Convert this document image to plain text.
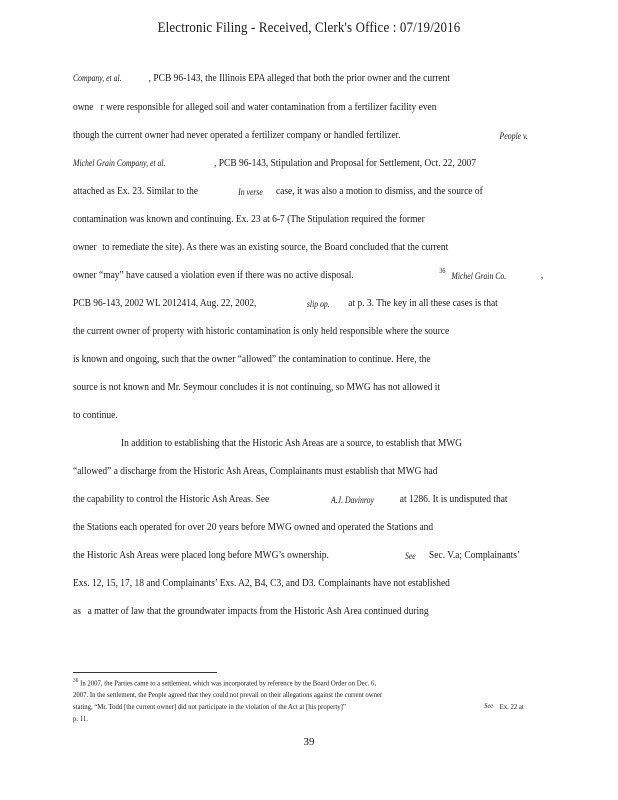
Electronic Filing - Received, Clerk's Office : 07/19/2016
Company, et al. , PCB 96-143, the Illinois EPA alleged that both the prior owner and the current
owne r were responsible for alleged soil and water contamination from a fertilizer facility even
though the current owner had never operated a fertilizer company or handled fertilizer.	People v.
Michel Grain Company, et al.	, PCB 96-143, Stipulation and Proposal for Settlement, Oct. 22, 2007
attached as Ex. 23. Similar to the	In verse case, it was also a motion to dismiss, and the source of
contamination was known and continuing. Ex. 23 at 6-7 (The Stipulation required the former
owner to remediate the site). As there was an existing source, the Board concluded that the current
owner “may” have caused a violation even if there was no active disposal.	36 Michel Grain Co.	,
PCB 96-143, 2002 WL 2012414, Aug. 22, 2002,	slip op. at p. 3. The key in all these cases is that
the current owner of property with historic contamination is only held responsible where the source
is known and ongoing, such that the owner “allowed” the contamination to continue. Here, the
source is not known and Mr. Seymour concludes it is not continuing, so MWG has not allowed it
to continue.
In addition to establishing that the Historic Ash Areas are a source, to establish that MWG
“allowed” a discharge from the Historic Ash Areas, Complainants must establish that MWG had
the capability to control the Historic Ash Areas. See	A.J. Davinroy at 1286. It is undisputed that
the Stations each operated for over 20 years before MWG owned and operated the Stations and
the Historic Ash Areas were placed long before MWG’s ownership.	See Sec. V.a; Complainants’
Exs. 12, 15, 17, 18 and Complainants’ Exs. A2, B4, C3, and D3. Complainants have not established
as a matter of law that the groundwater impacts from the Historic Ash Area continued during
$^{36}$ In 2007, the Parties came to a settlement, which was incorporated by reference by the Board Order on Dec. 6,
2007. In the settlement, the People agreed that they could not prevail on their allegations against the current owner
stating, “Mr. Todd [the current owner] did not participate in the violation of the Act at [his property]”	See Ex. 22 at
p. 11.
39
